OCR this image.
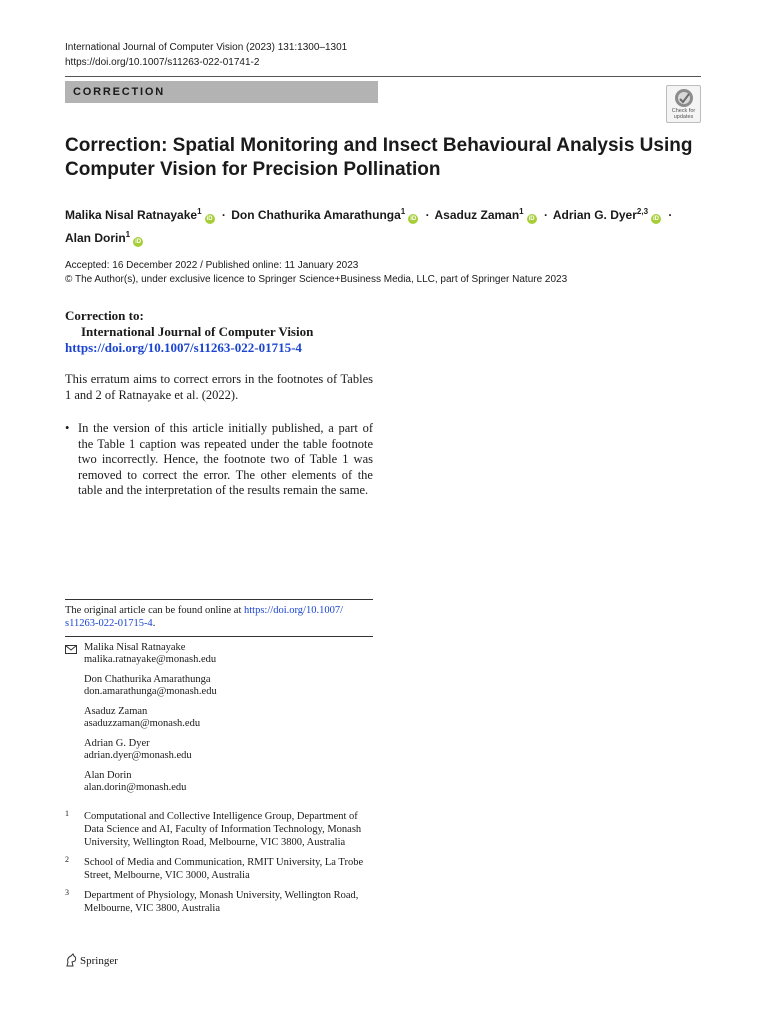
International Journal of Computer Vision (2023) 131:1300–1301
https://doi.org/10.1007/s11263-022-01741-2
CORRECTION
Check for
updates
Correction: Spatial Monitoring and Insect Behavioural Analysis Using Computer Vision for Precision Pollination
Malika Nisal Ratnayake$^1$iD · Don Chathurika Amarathunga$^1$iD · Asaduz Zaman$^1$iD · Adrian G. Dyer$^{2,3}$iD ·
Alan Dorin$^1$iD
Accepted: 16 December 2022 / Published online: 11 January 2023
© The Author(s), under exclusive licence to Springer Science+Business Media, LLC, part of Springer Nature 2023
Correction to:
International Journal of Computer Vision
https://doi.org/10.1007/s11263-022-01715-4

This erratum aims to correct errors in the footnotes of Tables 1 and 2 of Ratnayake et al. (2022).

• In the version of this article initially published, a part of the Table 1 caption was repeated under the table footnote two incorrectly. Hence, the footnote two of Table 1 was removed to correct the error. The other elements of the table and the interpretation of the results remain the same.
The original article can be found online at https://doi.org/10.1007/
s11263-022-01715-4.
Malika Nisal Ratnayake
malika.ratnayake@monash.edu
Don Chathurika Amarathunga
don.amarathunga@monash.edu
Asaduz Zaman
asaduzzaman@monash.edu
Adrian G. Dyer
adrian.dyer@monash.edu
Alan Dorin
alan.dorin@monash.edu
1 Computational and Collective Intelligence Group, Department of Data Science and AI, Faculty of Information Technology, Monash University, Wellington Road, Melbourne, VIC 3800, Australia
2 School of Media and Communication, RMIT University, La Trobe Street, Melbourne, VIC 3000, Australia
3 Department of Physiology, Monash University, Wellington Road, Melbourne, VIC 3800, Australia
Springer
